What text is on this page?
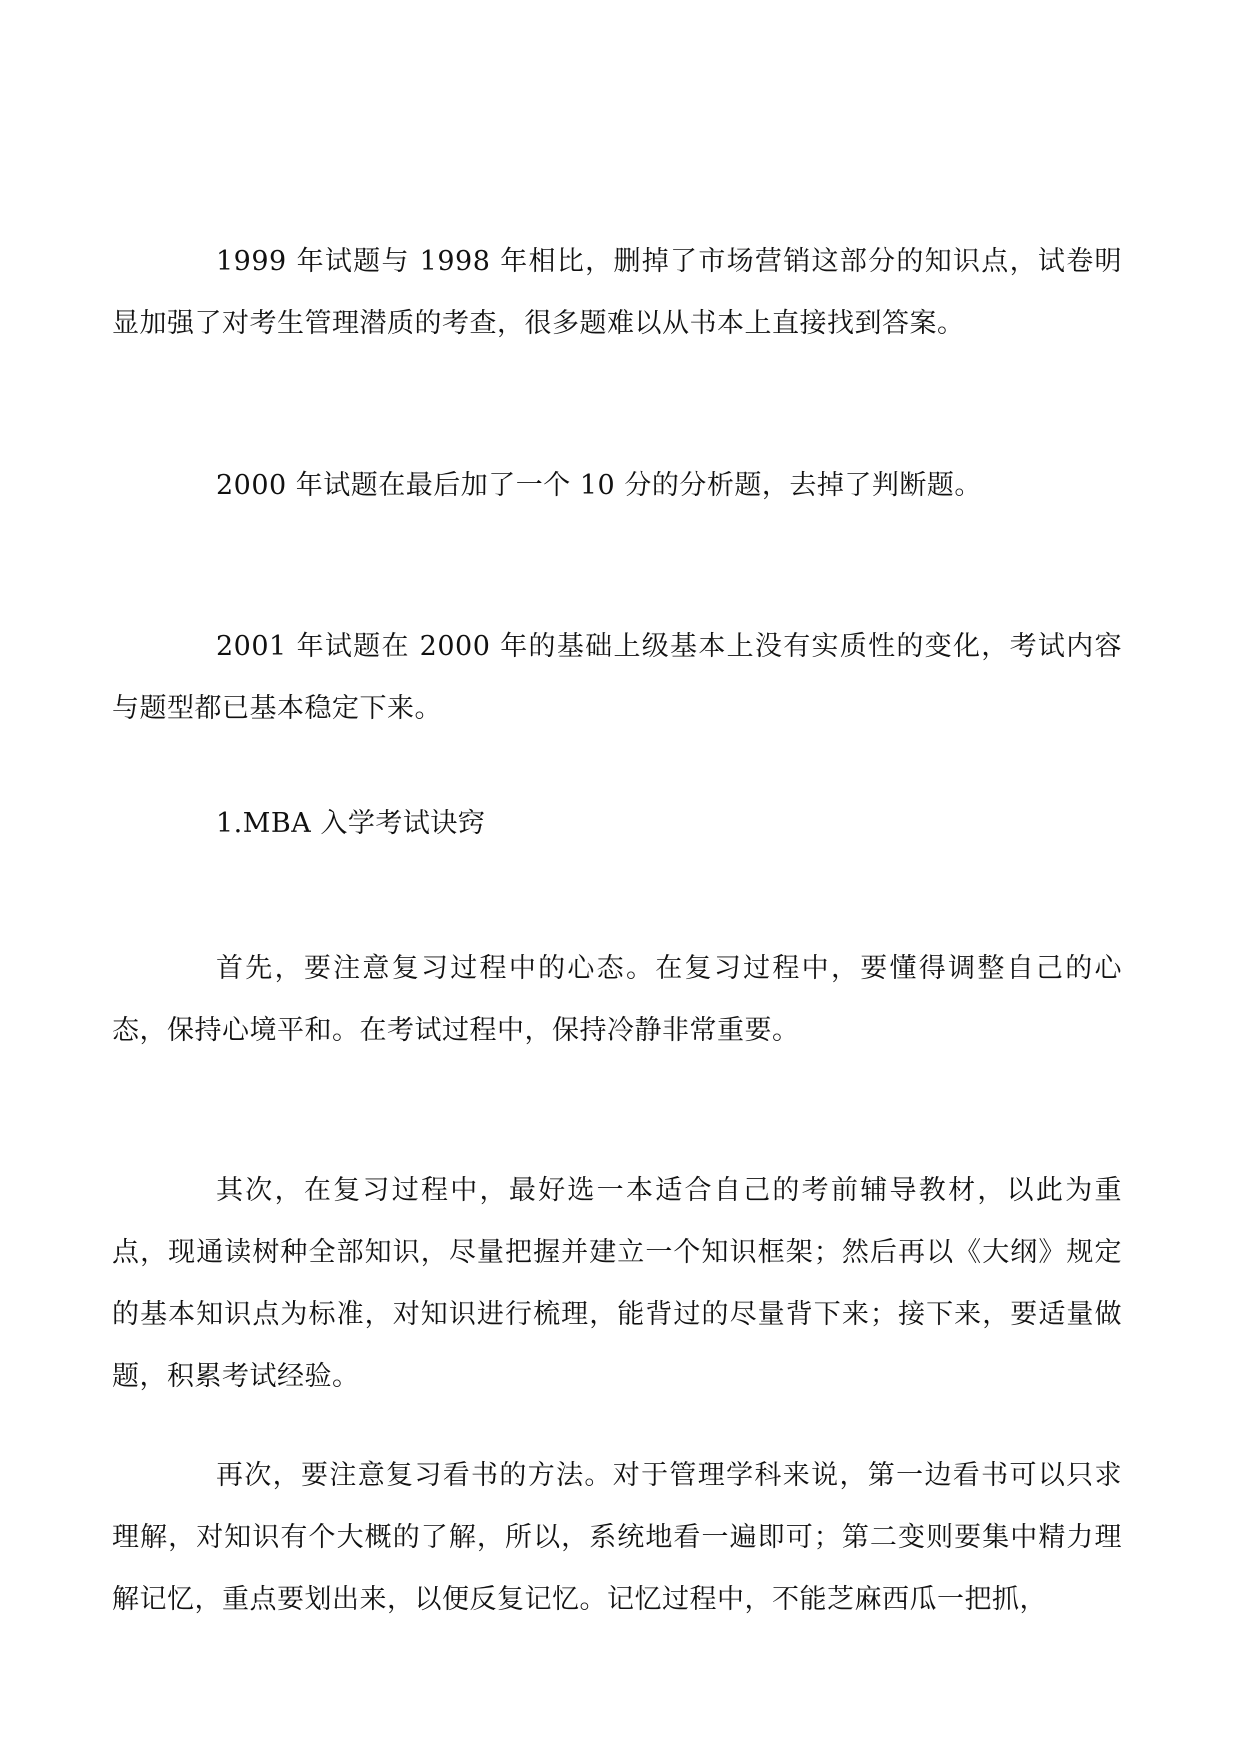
1999 年试题与 1998 年相比，删掉了市场营销这部分的知识点，试卷明显加强了对考生管理潜质的考查，很多题难以从书本上直接找到答案。

2000 年试题在最后加了一个 10 分的分析题，去掉了判断题。

2001 年试题在 2000 年的基础上级基本上没有实质性的变化，考试内容与题型都已基本稳定下来。

1.MBA 入学考试诀窍

首先，要注意复习过程中的心态。在复习过程中，要懂得调整自己的心态，保持心境平和。在考试过程中，保持冷静非常重要。

其次，在复习过程中，最好选一本适合自己的考前辅导教材，以此为重点，现通读树种全部知识，尽量把握并建立一个知识框架；然后再以《大纲》规定的基本知识点为标准，对知识进行梳理，能背过的尽量背下来；接下来，要适量做题，积累考试经验。

再次，要注意复习看书的方法。对于管理学科来说，第一边看书可以只求理解，对知识有个大概的了解，所以，系统地看一遍即可；第二变则要集中精力理解记忆，重点要划出来，以便反复记忆。记忆过程中，不能芝麻西瓜一把抓，
